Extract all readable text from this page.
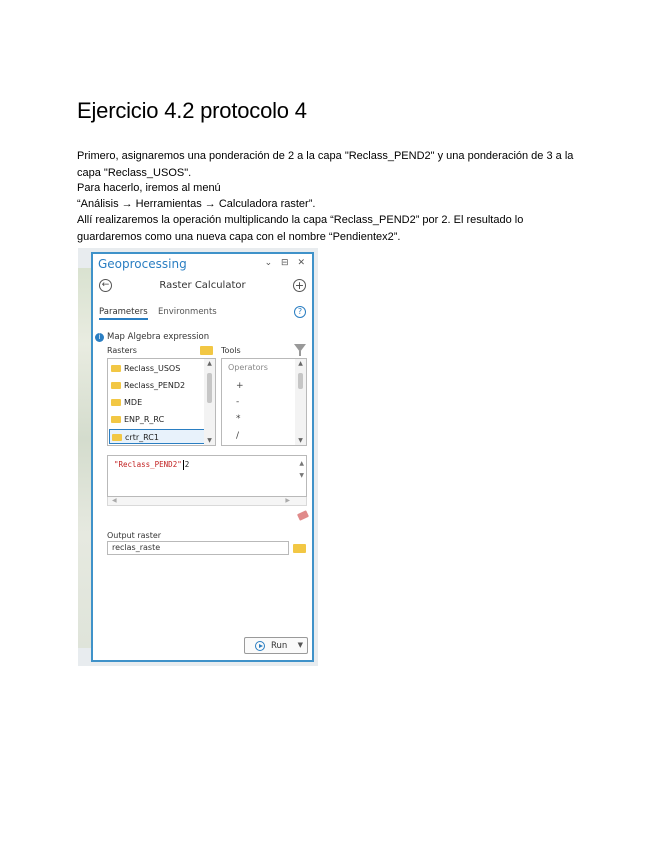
Ejercicio 4.2 protocolo 4

Primero, asignaremos una ponderación de 2 a la capa "Reclass_PEND2" y una ponderación de 3 a la capa "Reclass_USOS".

Para hacerlo, iremos al menú

“Análisis → Herramientas → Calculadora raster”.

Allí realizaremos la operación multiplicando la capa “Reclass_PEND2” por 2. El resultado lo guardaremos como una nueva capa con el nombre “Pendientex2”.

Geoprocessing	⌄ ⊟ ✕
←	Raster Calculator	+
Parameters Environments	?
i Map Algebra expression
Rasters	Tools
Reclass_USOS
Reclass_PEND2
MDE
ENP_R_RC
crtr_RC1
▲
▼
Operators
+
-
*
/
▲
▼
"Reclass_PEND2" 2	▲
▼
◀	▶
Output raster
reclas_raste
Run ▼
